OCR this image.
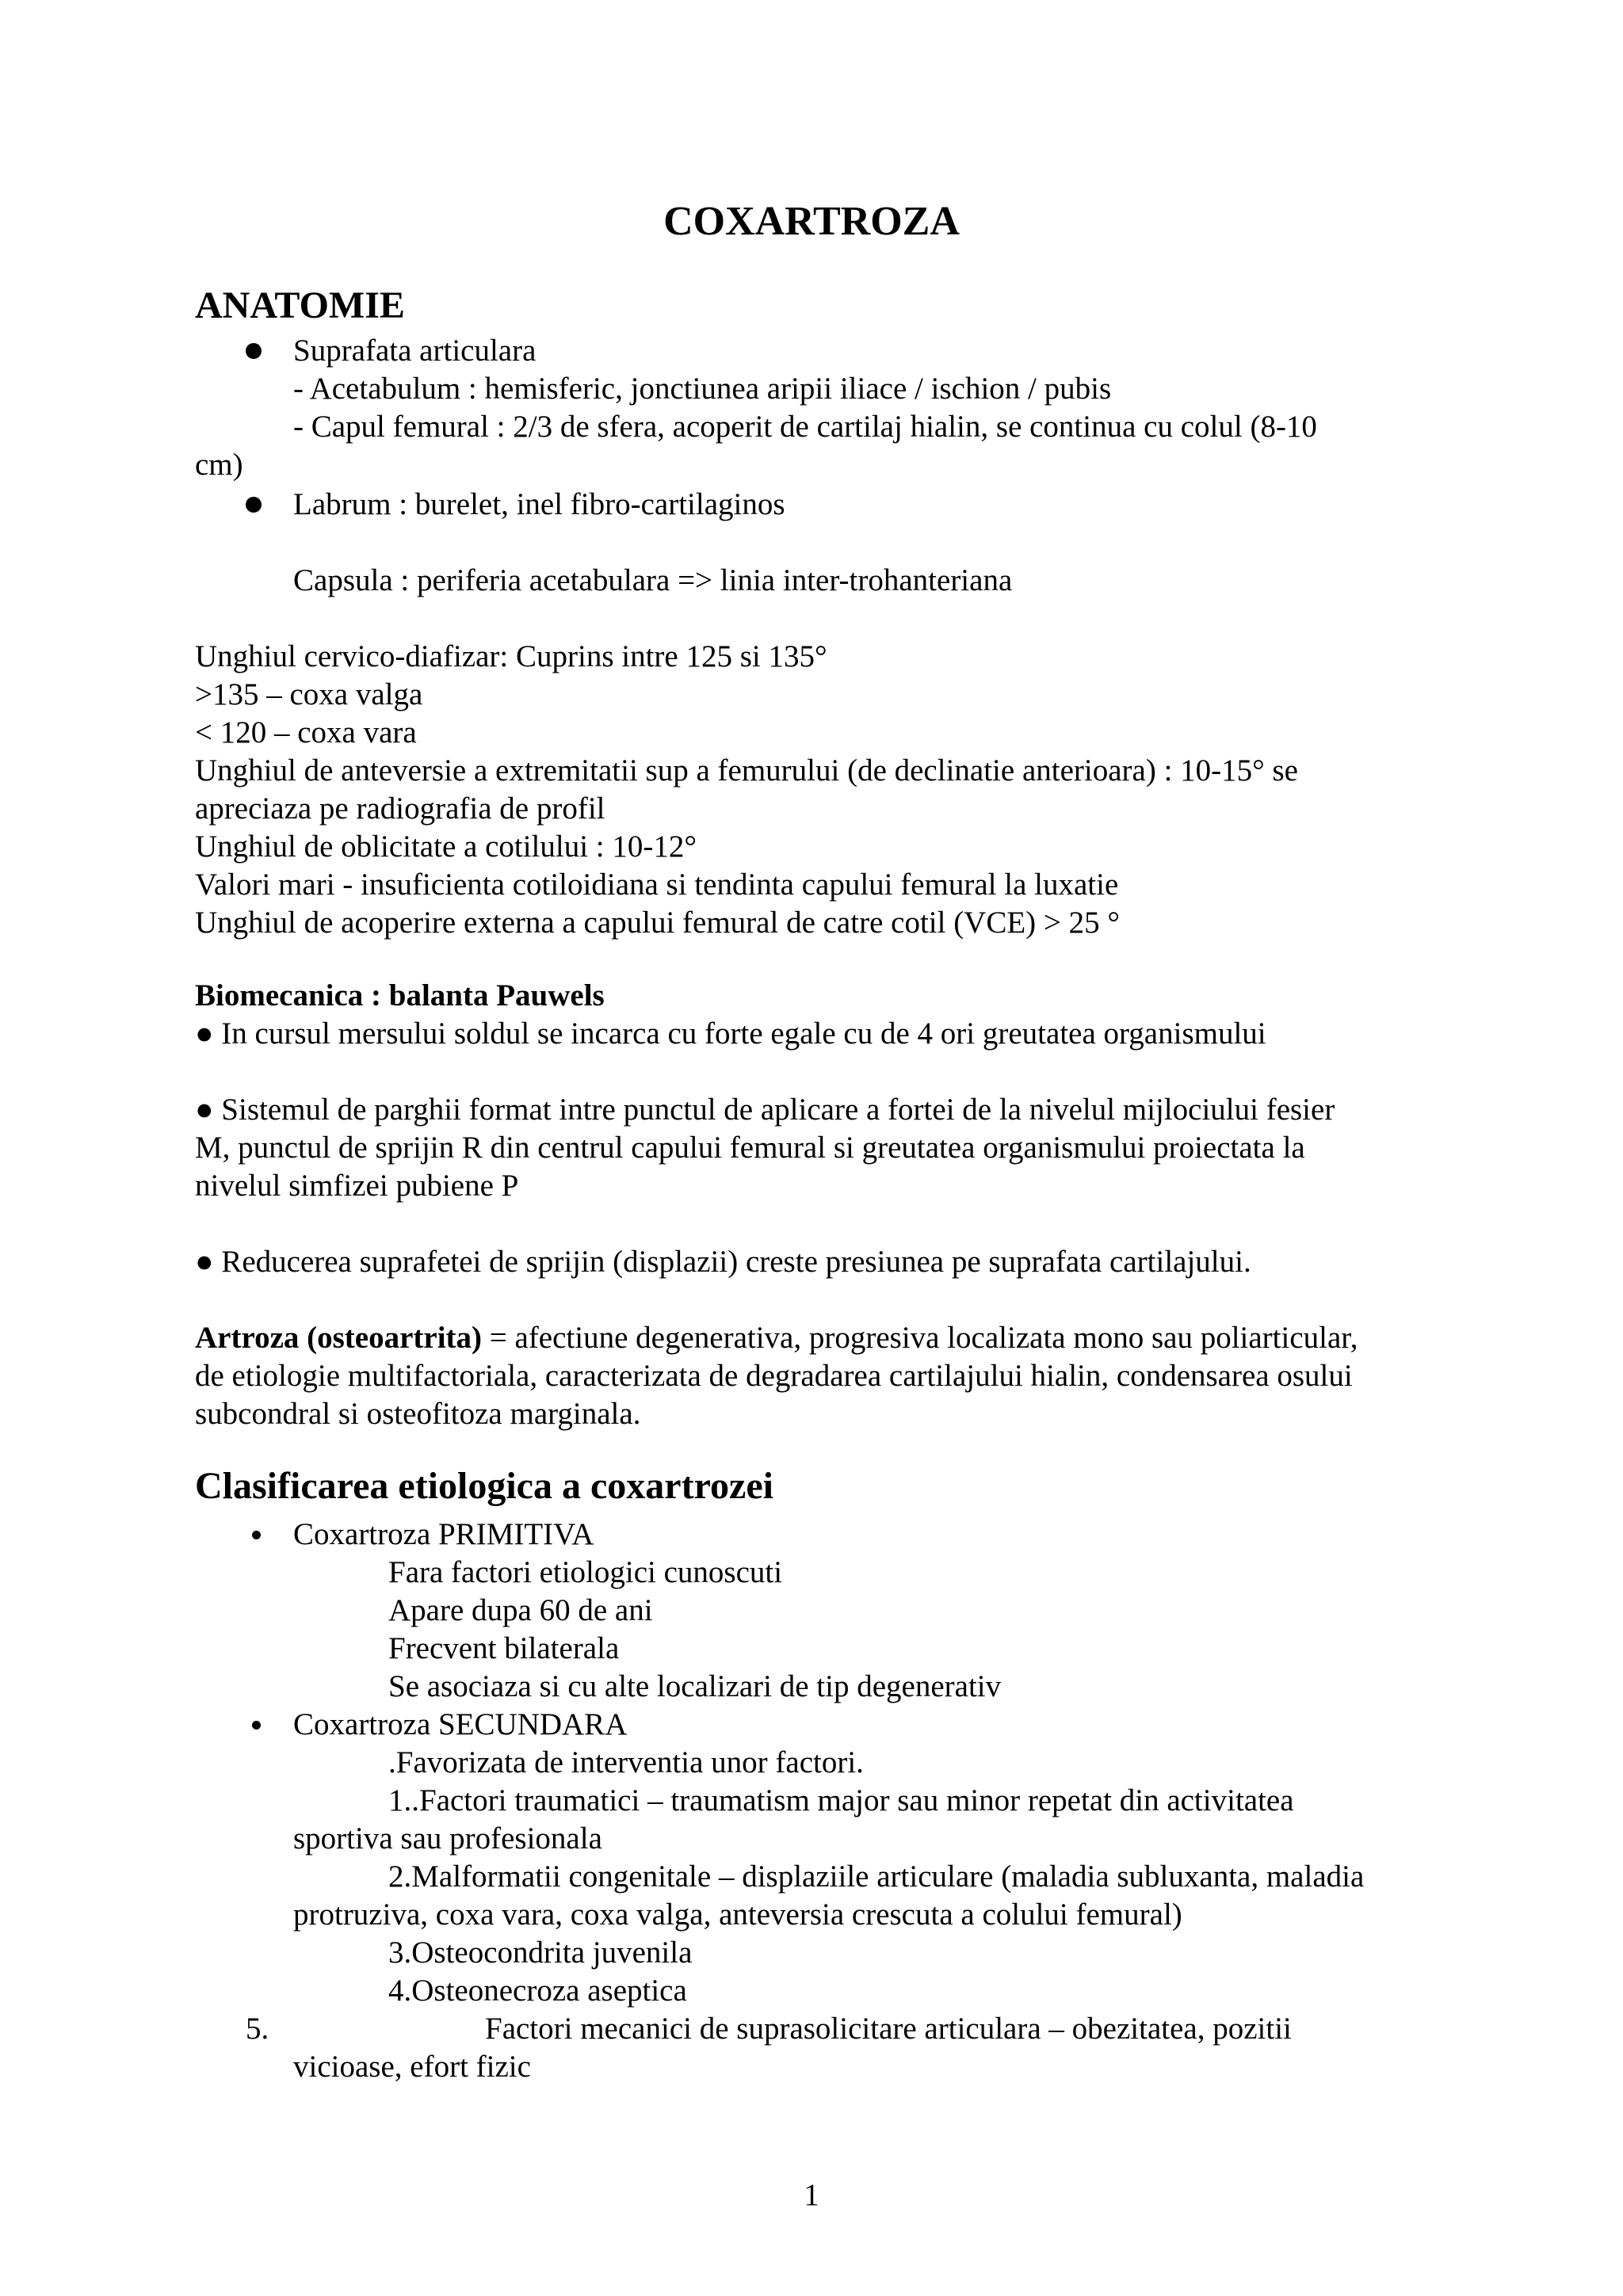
COXARTROZA
ANATOMIE

Suprafata articulara

- Acetabulum : hemisferic, jonctiunea aripii iliace / ischion / pubis

- Capul femural : 2/3 de sfera, acoperit de cartilaj hialin, se continua cu colul (8-10

cm)

Labrum : burelet, inel fibro-cartilaginos

Capsula : periferia acetabulara => linia inter-trohanteriana

Unghiul cervico-diafizar: Cuprins intre 125 si 135°

>135 – coxa valga

< 120 – coxa vara

Unghiul de anteversie a extremitatii sup a femurului (de declinatie anterioara) : 10-15° se

apreciaza pe radiografia de profil

Unghiul de oblicitate a cotilului : 10-12°

Valori mari - insuficienta cotiloidiana si tendinta capului femural la luxatie

Unghiul de acoperire externa a capului femural de catre cotil (VCE) > 25 °

Biomecanica : balanta Pauwels

● In cursul mersului soldul se incarca cu forte egale cu de 4 ori greutatea organismului

● Sistemul de parghii format intre punctul de aplicare a fortei de la nivelul mijlociului fesier

M, punctul de sprijin R din centrul capului femural si greutatea organismului proiectata la

nivelul simfizei pubiene P

● Reducerea suprafetei de sprijin (displazii) creste presiunea pe suprafata cartilajului.

Artroza (osteoartrita) = afectiune degenerativa, progresiva localizata mono sau poliarticular,

de etiologie multifactoriala, caracterizata de degradarea cartilajului hialin, condensarea osului

subcondral si osteofitoza marginala.

Clasificarea etiologica a coxartrozei

Coxartroza PRIMITIVA

Fara factori etiologici cunoscuti

Apare dupa 60 de ani

Frecvent bilaterala

Se asociaza si cu alte localizari de tip degenerativ

Coxartroza SECUNDARA

.Favorizata de interventia unor factori.

1..Factori traumatici – traumatism major sau minor repetat din activitatea

sportiva sau profesionala

2.Malformatii congenitale – displaziile articulare (maladia subluxanta, maladia

protruziva, coxa vara, coxa valga, anteversia crescuta a colului femural)

3.Osteocondrita juvenila

4.Osteonecroza aseptica

5.	Factori mecanici de suprasolicitare articulara – obezitatea, pozitii

vicioase, efort fizic

1
